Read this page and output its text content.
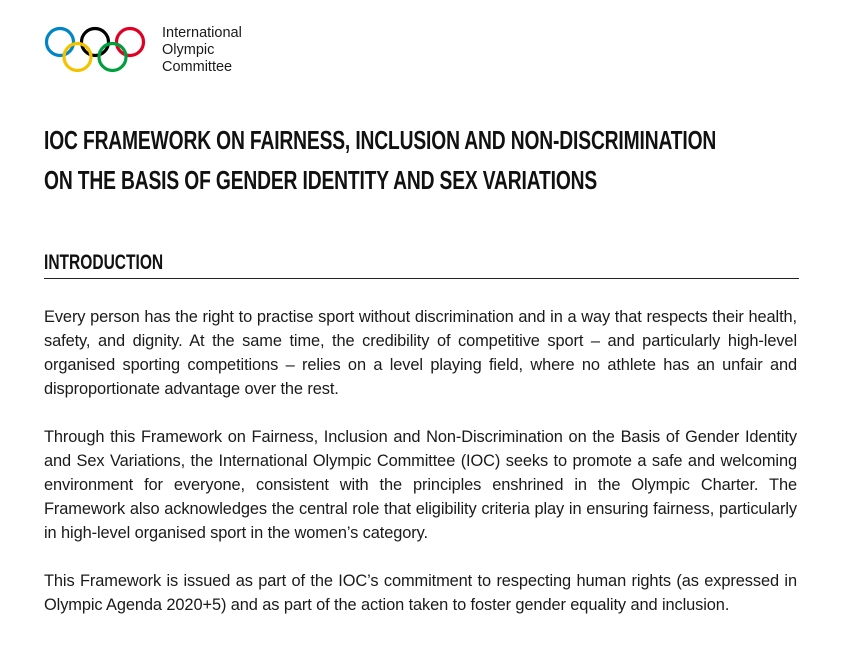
International
Olympic
Committee
IOC FRAMEWORK ON FAIRNESS, INCLUSION AND NON-DISCRIMINATION
ON THE BASIS OF GENDER IDENTITY AND SEX VARIATIONS
INTRODUCTION

Every person has the right to practise sport without discrimination and in a way that respects their health, safety, and dignity. At the same time, the credibility of competitive sport – and particularly high-level organised sporting competitions – relies on a level playing field, where no athlete has an unfair and disproportionate advantage over the rest.

Through this Framework on Fairness, Inclusion and Non-Discrimination on the Basis of Gender Identity and Sex Variations, the International Olympic Committee (IOC) seeks to promote a safe and welcoming environment for everyone, consistent with the principles enshrined in the Olympic Charter. The Framework also acknowledges the central role that eligibility criteria play in ensuring fairness, particularly in high-level organised sport in the women’s category.

This Framework is issued as part of the IOC’s commitment to respecting human rights (as expressed in Olympic Agenda 2020+5) and as part of the action taken to foster gender equality and inclusion.
